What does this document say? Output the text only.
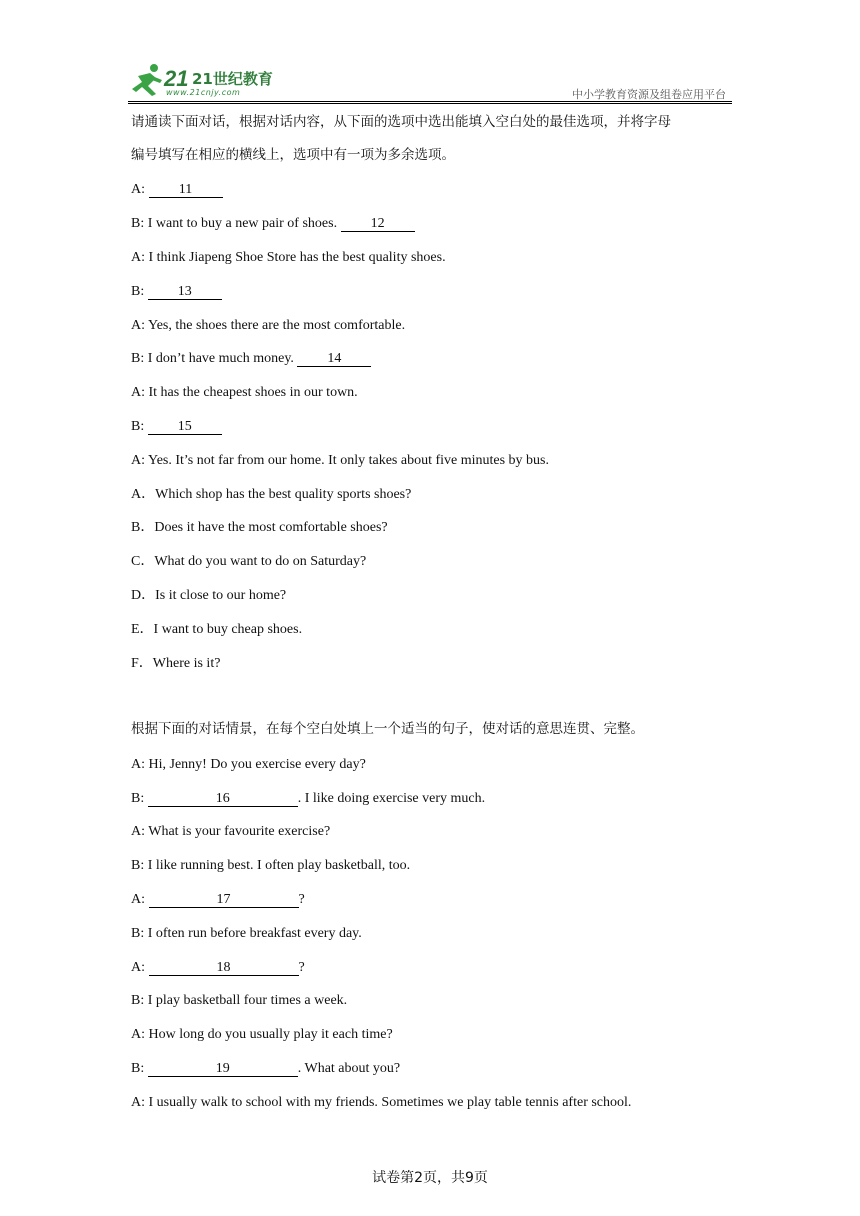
21 21世纪教育
www.21cnjy.com	中小学教育资源及组卷应用平台
请通读下面对话，根据对话内容，从下面的选项中选出能填入空白处的最佳选项，并将字母
编号填写在相应的横线上，选项中有一项为多余选项。
A: 11
B: I want to buy a new pair of shoes. 12
A: I think Jiapeng Shoe Store has the best quality shoes.
B: 13
A: Yes, the shoes there are the most comfortable.
B: I don’t have much money. 14
A: It has the cheapest shoes in our town.
B: 15
A: Yes. It’s not far from our home. It only takes about five minutes by bus.
A．Which shop has the best quality sports shoes?
B．Does it have the most comfortable shoes?
C．What do you want to do on Saturday?
D．Is it close to our home?
E．I want to buy cheap shoes.
F．Where is it?
根据下面的对话情景，在每个空白处填上一个适当的句子，使对话的意思连贯、完整。
A: Hi, Jenny! Do you exercise every day?
B:	16	. I like doing exercise very much.
A: What is your favourite exercise?
B: I like running best. I often play basketball, too.
A:	17	?
B: I often run before breakfast every day.
A:	18	?
B: I play basketball four times a week.
A: How long do you usually play it each time?
B:	19	. What about you?
A: I usually walk to school with my friends. Sometimes we play table tennis after school.
试卷第2页，共9页
